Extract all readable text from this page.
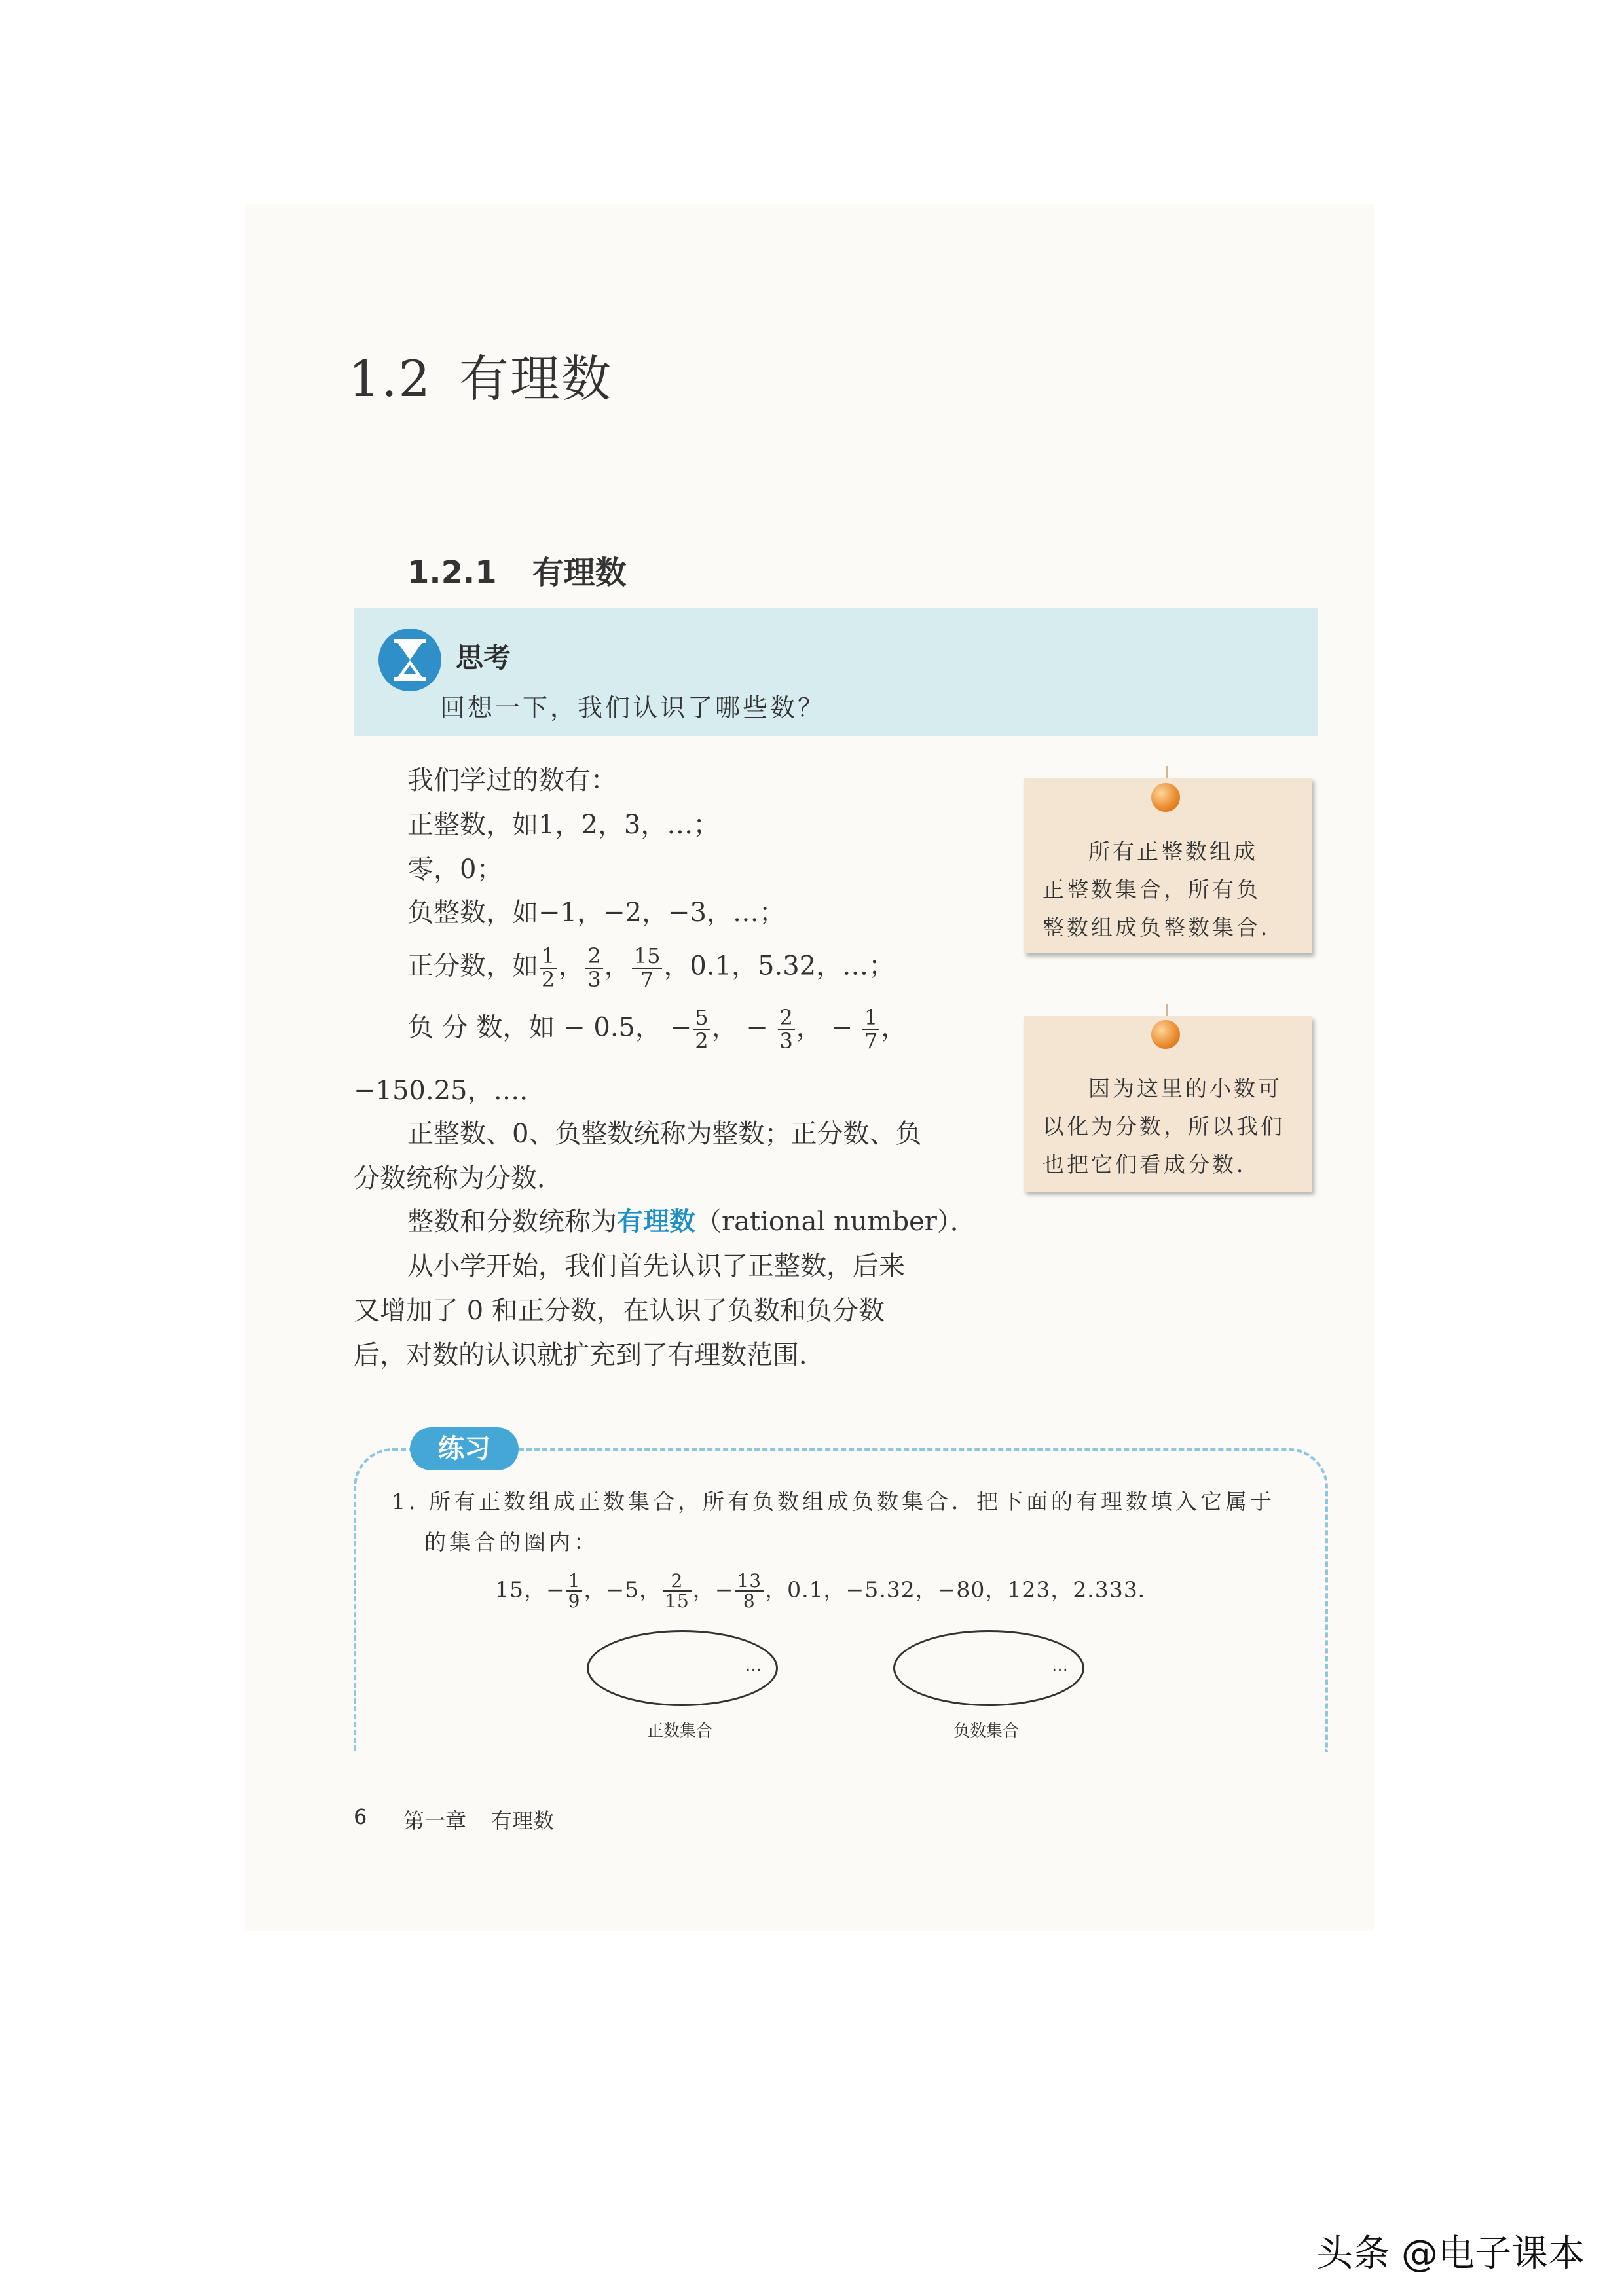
1.2 有理数
1.2.1 有理数
思考
回想一下，我们认识了哪些数？
我们学过的数有：
正整数，如1，2，3，…；
零，0；
负整数，如−1，−2，−3，…；
正分数，如 $\frac{1}{2}$ ， $\frac{2}{3}$ ， $\frac{15}{7}$ ，0.1，5.32，…；
负 分 数，如 − 0.5， − $\frac{5}{2}$ ， − $\frac{2}{3}$ ， − $\frac{1}{7}$ ，
−150.25，…．
正整数、0、负整数统称为整数；正分数、负
分数统称为分数．
整数和分数统称为有理数（rational number）．
从小学开始，我们首先认识了正整数，后来
又增加了 0 和正分数，在认识了负数和负分数
后，对数的认识就扩充到了有理数范围．
所有正整数组成
正整数集合，所有负
整数组成负整数集合．
因为这里的小数可
以化为分数，所以我们
也把它们看成分数．
练习
1. 所有正数组成正数集合，所有负数组成负数集合．把下面的有理数填入它属于
的集合的圈内：
15，− $\frac{1}{9}$ ，−5， $\frac{2}{15}$ ，− $\frac{13}{8}$ ，0.1，−5.32，−80，123，2.333．
…	…
正数集合	负数集合
6 第一章 有理数
头条 @电子课本
